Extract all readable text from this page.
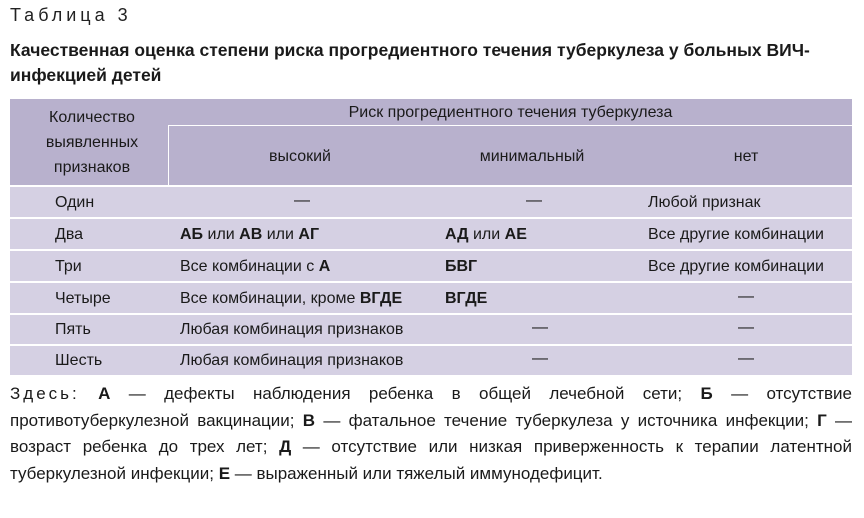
Таблица 3
Качественная оценка степени риска прогредиентного течения туберкулеза у больных ВИЧ-инфекцией детей
Количество выявленных признаков
Риск прогредиентного течения туберкулеза
высокий	минимальный	нет
Один	—	—	Любой признак
Два	АБ или АВ или АГ	АД или АЕ	Все другие комбинации
Три	Все комбинации с А	БВГ	Все другие комбинации
Четыре	Все комбинации, кроме ВГДЕ	ВГДЕ	—
Пять	Любая комбинация признаков	—	—
Шесть	Любая комбинация признаков	—	—
Здесь: А — дефекты наблюдения ребенка в общей лечебной сети; Б — отсутствие противотуберкулезной вакцинации; В — фатальное течение туберкулеза у источника инфекции; Г — возраст ребенка до трех лет; Д — отсутствие или низкая приверженность к терапии латентной туберкулезной инфекции; Е — выраженный или тяжелый иммунодефицит.
